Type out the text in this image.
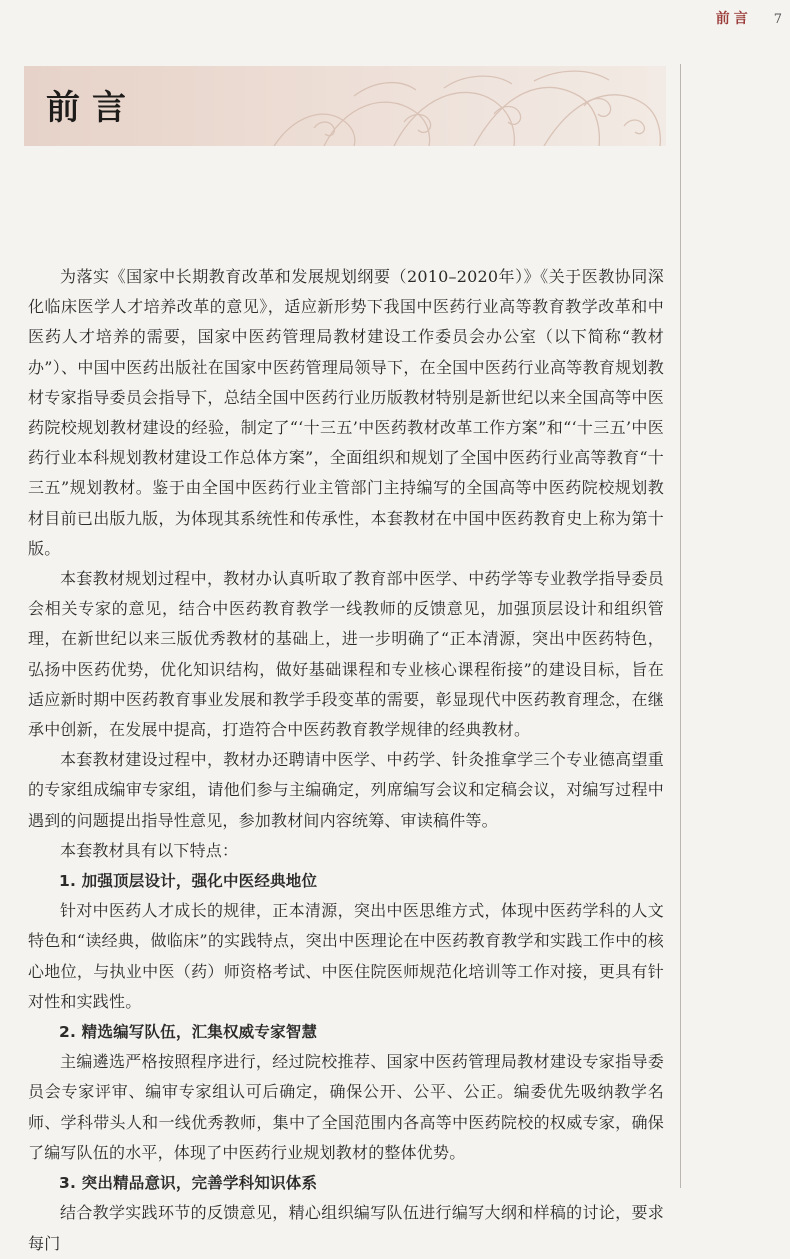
前言 7
前言

为落实《国家中长期教育改革和发展规划纲要（2010–2020年）》《关于医教协同深化临床医学人才培养改革的意见》，适应新形势下我国中医药行业高等教育教学改革和中医药人才培养的需要，国家中医药管理局教材建设工作委员会办公室（以下简称“教材办”）、中国中医药出版社在国家中医药管理局领导下，在全国中医药行业高等教育规划教材专家指导委员会指导下，总结全国中医药行业历版教材特别是新世纪以来全国高等中医药院校规划教材建设的经验，制定了“‘十三五’中医药教材改革工作方案”和“‘十三五’中医药行业本科规划教材建设工作总体方案”，全面组织和规划了全国中医药行业高等教育“十三五”规划教材。鉴于由全国中医药行业主管部门主持编写的全国高等中医药院校规划教材目前已出版九版，为体现其系统性和传承性，本套教材在中国中医药教育史上称为第十版。

本套教材规划过程中，教材办认真听取了教育部中医学、中药学等专业教学指导委员会相关专家的意见，结合中医药教育教学一线教师的反馈意见，加强顶层设计和组织管理，在新世纪以来三版优秀教材的基础上，进一步明确了“正本清源，突出中医药特色，弘扬中医药优势，优化知识结构，做好基础课程和专业核心课程衔接”的建设目标，旨在适应新时期中医药教育事业发展和教学手段变革的需要，彰显现代中医药教育理念，在继承中创新，在发展中提高，打造符合中医药教育教学规律的经典教材。

本套教材建设过程中，教材办还聘请中医学、中药学、针灸推拿学三个专业德高望重的专家组成编审专家组，请他们参与主编确定，列席编写会议和定稿会议，对编写过程中遇到的问题提出指导性意见，参加教材间内容统筹、审读稿件等。

本套教材具有以下特点：

1. 加强顶层设计，强化中医经典地位

针对中医药人才成长的规律，正本清源，突出中医思维方式，体现中医药学科的人文特色和“读经典，做临床”的实践特点，突出中医理论在中医药教育教学和实践工作中的核心地位，与执业中医（药）师资格考试、中医住院医师规范化培训等工作对接，更具有针对性和实践性。

2. 精选编写队伍，汇集权威专家智慧

主编遴选严格按照程序进行，经过院校推荐、国家中医药管理局教材建设专家指导委员会专家评审、编审专家组认可后确定，确保公开、公平、公正。编委优先吸纳教学名师、学科带头人和一线优秀教师，集中了全国范围内各高等中医药院校的权威专家，确保了编写队伍的水平，体现了中医药行业规划教材的整体优势。

3. 突出精品意识，完善学科知识体系

结合教学实践环节的反馈意见，精心组织编写队伍进行编写大纲和样稿的讨论，要求每门
